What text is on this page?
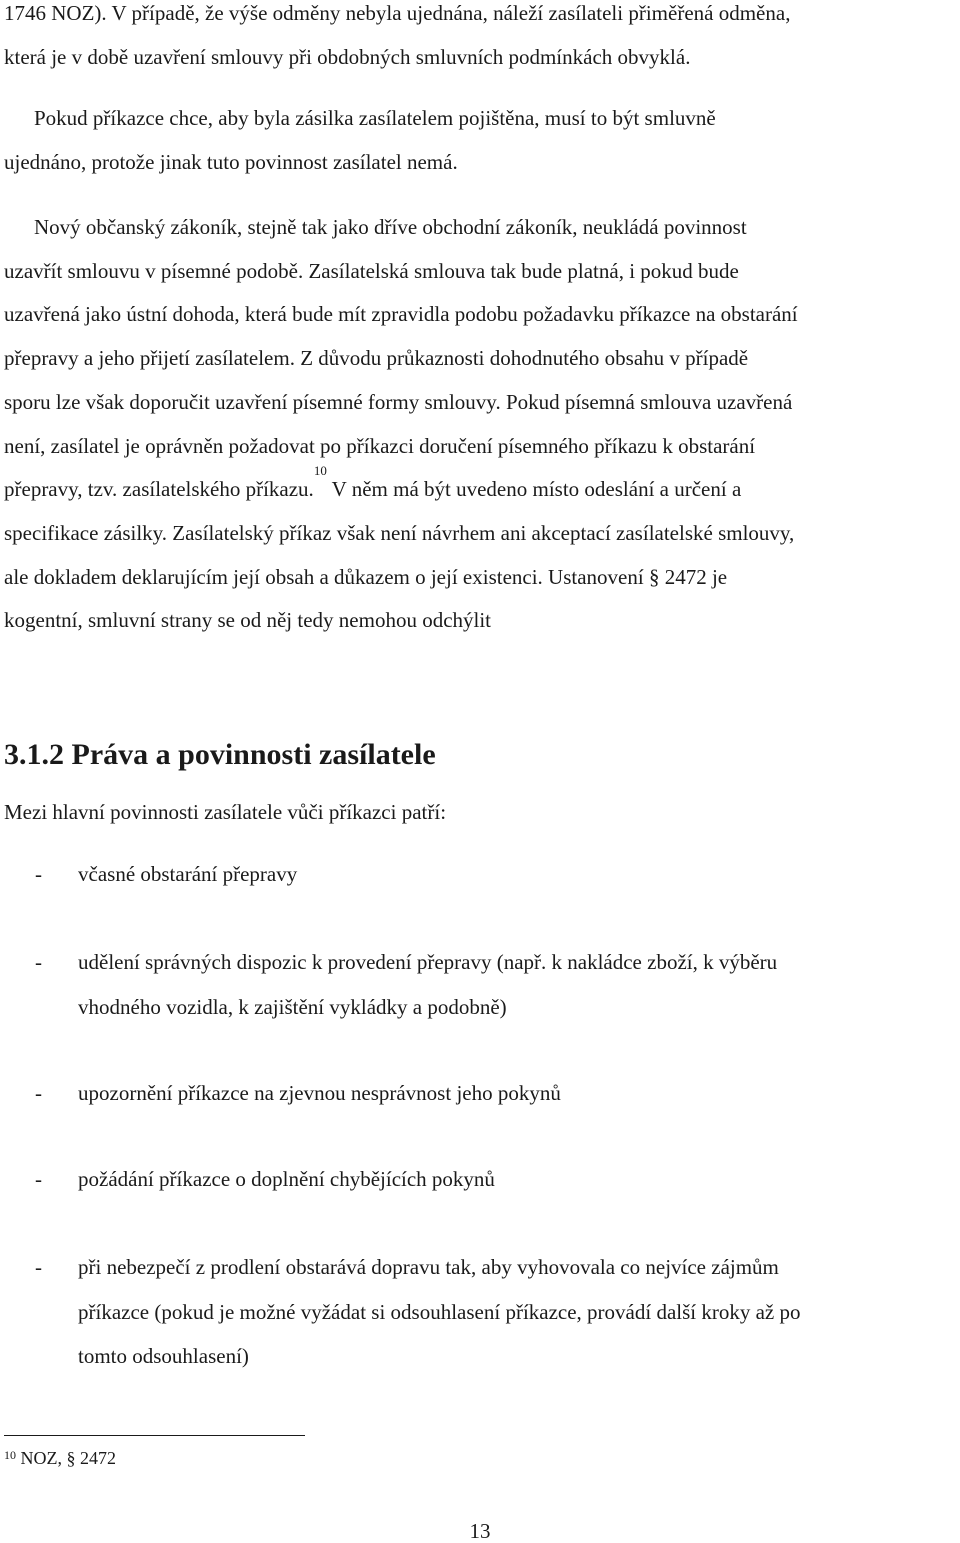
1746 NOZ). V případě, že výše odměny nebyla ujednána, náleží zasílateli přiměřená odměna,
která je v době uzavření smlouvy při obdobných smluvních podmínkách obvyklá.

Pokud příkazce chce, aby byla zásilka zasílatelem pojištěna, musí to být smluvně
ujednáno, protože jinak tuto povinnost zasílatel nemá.

Nový občanský zákoník, stejně tak jako dříve obchodní zákoník, neukládá povinnost
uzavřít smlouvu v písemné podobě. Zasílatelská smlouva tak bude platná, i pokud bude
uzavřená jako ústní dohoda, která bude mít zpravidla podobu požadavku příkazce na obstarání
přepravy a jeho přijetí zasílatelem. Z důvodu průkaznosti dohodnutého obsahu v případě
sporu lze však doporučit uzavření písemné formy smlouvy. Pokud písemná smlouva uzavřená
není, zasílatel je oprávněn požadovat po příkazci doručení písemného příkazu k obstarání
přepravy, tzv. zasílatelského příkazu.$^{10}$ V něm má být uvedeno místo odeslání a určení a
specifikace zásilky. Zasílatelský příkaz však není návrhem ani akceptací zasílatelské smlouvy,
ale dokladem deklarujícím její obsah a důkazem o její existenci. Ustanovení § 2472 je
kogentní, smluvní strany se od něj tedy nemohou odchýlit

3.1.2 Práva a povinnosti zasílatele

Mezi hlavní povinnosti zasílatele vůči příkazci patří:

- včasné obstarání přepravy
- udělení správných dispozic k provedení přepravy (např. k nakládce zboží, k výběru
vhodného vozidla, k zajištění vykládky a podobně)
- upozornění příkazce na zjevnou nesprávnost jeho pokynů
- požádání příkazce o doplnění chybějících pokynů
- při nebezpečí z prodlení obstarává dopravu tak, aby vyhovovala co nejvíce zájmům
příkazce (pokud je možné vyžádat si odsouhlasení příkazce, provádí další kroky až po
tomto odsouhlasení)
$^{10}$ NOZ, § 2472
13
